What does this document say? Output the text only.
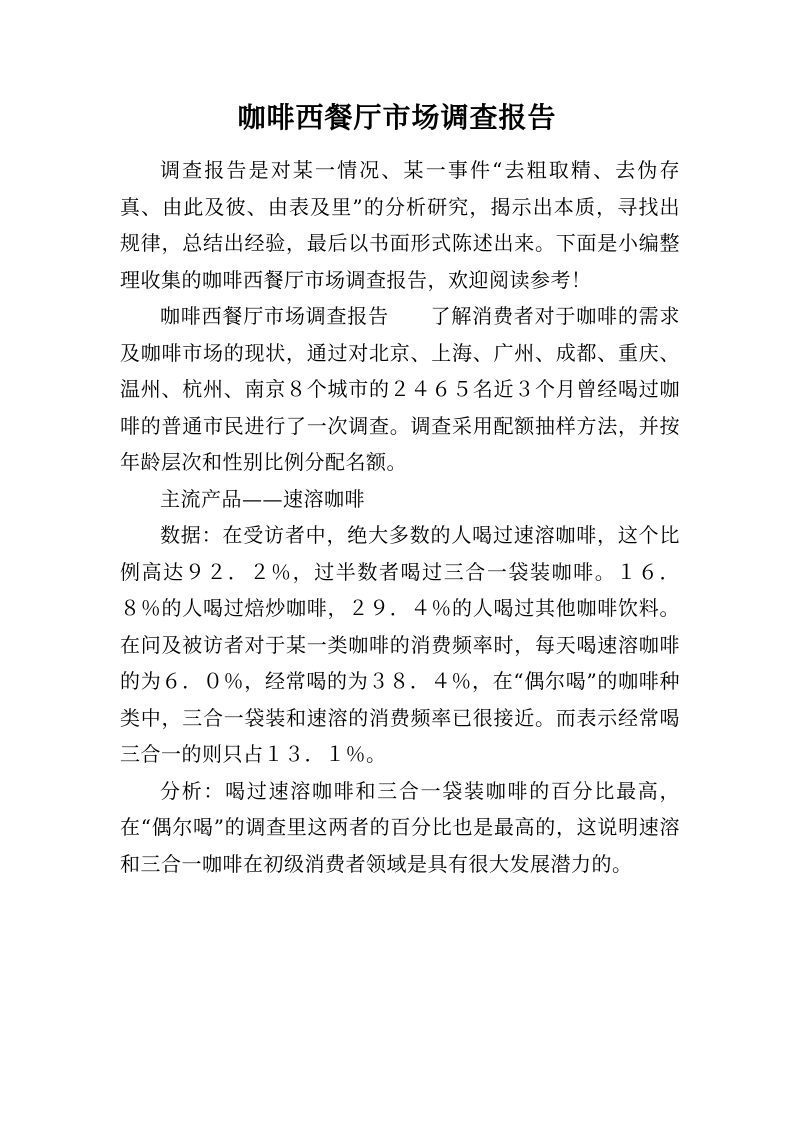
咖啡西餐厅市场调查报告

调查报告是对某一情况、某一事件“去粗取精、去伪存真、由此及彼、由表及里”的分析研究，揭示出本质，寻找出规律，总结出经验，最后以书面形式陈述出来。下面是小编整理收集的咖啡西餐厅市场调查报告，欢迎阅读参考！

咖啡西餐厅市场调查报告　　了解消费者对于咖啡的需求及咖啡市场的现状，通过对北京、上海、广州、成都、重庆、温州、杭州、南京８个城市的２４６５名近３个月曾经喝过咖啡的普通市民进行了一次调查。调查采用配额抽样方法，并按年龄层次和性别比例分配名额。

主流产品——速溶咖啡

数据：在受访者中，绝大多数的人喝过速溶咖啡，这个比例高达９２．２％，过半数者喝过三合一袋装咖啡。１６．８％的人喝过焙炒咖啡，２９．４％的人喝过其他咖啡饮料。在问及被访者对于某一类咖啡的消费频率时，每天喝速溶咖啡的为６．０％，经常喝的为３８．４％，在“偶尔喝”的咖啡种类中，三合一袋装和速溶的消费频率已很接近。而表示经常喝三合一的则只占１３．１％。

分析：喝过速溶咖啡和三合一袋装咖啡的百分比最高，在“偶尔喝”的调查里这两者的百分比也是最高的，这说明速溶和三合一咖啡在初级消费者领域是具有很大发展潜力的。
